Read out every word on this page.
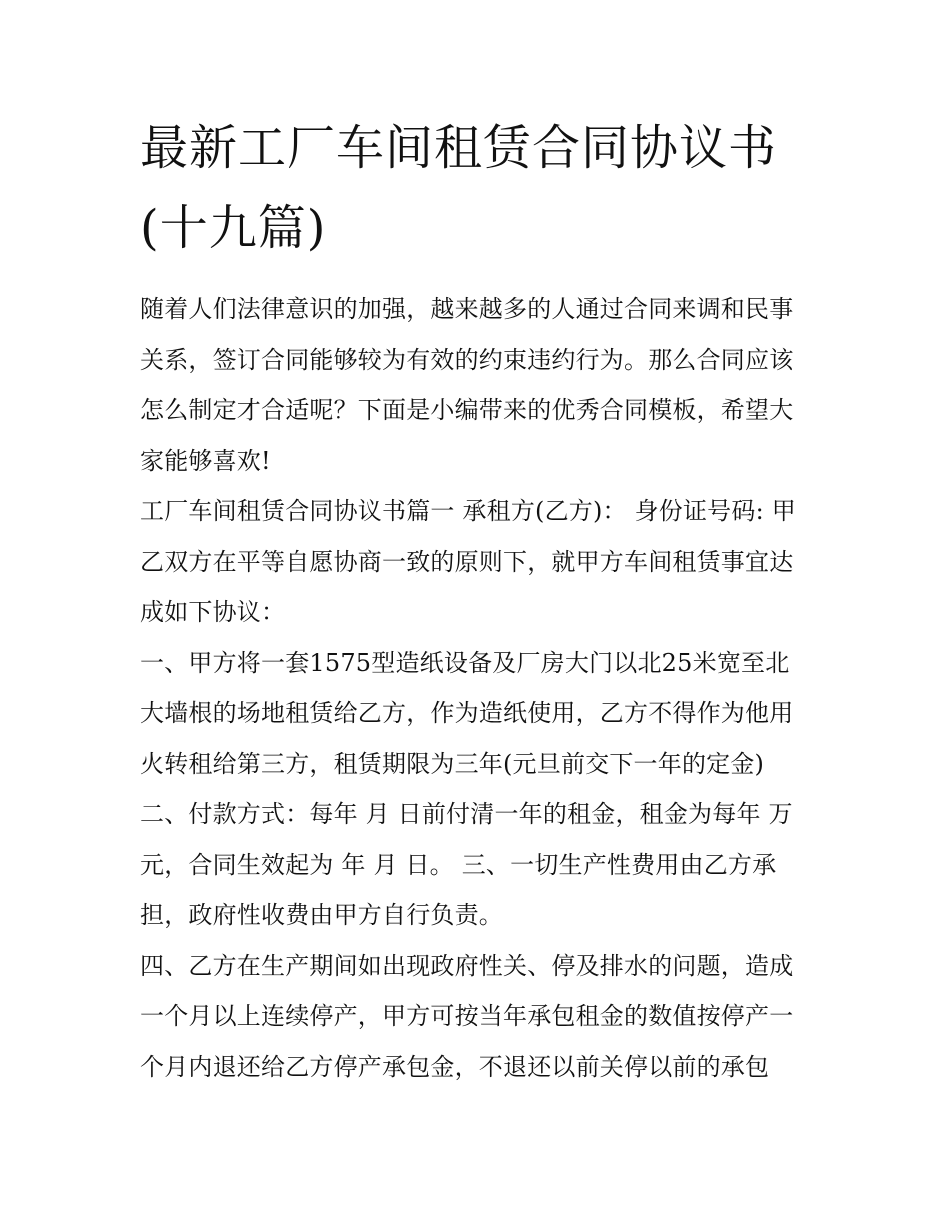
最新工厂车间租赁合同协议书
(十九篇)

随着人们法律意识的加强，越来越多的人通过合同来调和民事
关系，签订合同能够较为有效的约束违约行为。那么合同应该
怎么制定才合适呢？下面是小编带来的优秀合同模板，希望大
家能够喜欢!

工厂车间租赁合同协议书篇一 承租方(乙方)： 身份证号码: 甲
乙双方在平等自愿协商一致的原则下，就甲方车间租赁事宜达
成如下协议：

一、甲方将一套1575型造纸设备及厂房大门以北25米宽至北
大墙根的场地租赁给乙方，作为造纸使用，乙方不得作为他用
火转租给第三方，租赁期限为三年(元旦前交下一年的定金)

二、付款方式：每年 月 日前付清一年的租金，租金为每年 万
元，合同生效起为 年 月 日。 三、一切生产性费用由乙方承
担，政府性收费由甲方自行负责。

四、乙方在生产期间如出现政府性关、停及排水的问题，造成
一个月以上连续停产，甲方可按当年承包租金的数值按停产一
个月内退还给乙方停产承包金，不退还以前关停以前的承包
